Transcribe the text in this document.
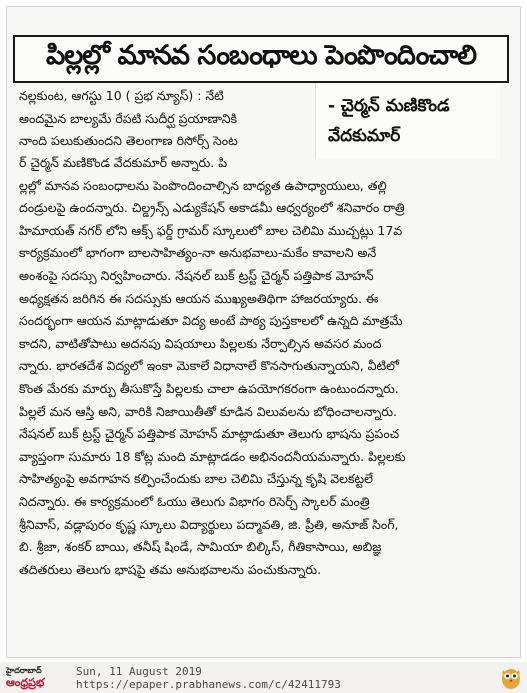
పిల్లల్లో మానవ సంబంధాలు పెంపొందించాలి
నల్లకుంట, ఆగస్టు 10 ( ప్రభ న్యూస్) : నేటి
అందమైన బాల్యమే రేపటి సుదీర్ఘ ప్రయాణానికి
నాంది పలుకుతుందని తెలంగాణ రిసోర్స్ సెంట
- చైర్మన్ మణికొండ
వేదకుమార్
ర్ చైర్మన్ మణికొండ వేదకుమార్ అన్నారు. పి
ల్లల్లో మానవ సంబంధాలను పెంపొందించాల్సిన బాధ్యత ఉపాధ్యాయులు, తల్లి
దండ్రులపై ఉందన్నారు. చిల్డ్రన్స్ ఎడ్యుకేషన్ అకాడమీ ఆధ్వర్యంలో శనివారం రాత్రి
హిమాయత్ నగర్ లోని ఆక్స్ ఫర్డ్ గ్రామర్ స్కూలులో బాల చెలిమి ముచ్చట్లు 17వ
కార్యక్రమంలో భాగంగా బాలసాహిత్యం-నా అనుభవాలు-మకేం కావాలని అనే
అంశంపై సదస్సు నిర్వహించారు. నేషనల్ బుక్ ట్రస్ట్ చైర్మన్ పత్తిపాక మోహన్
అధ్యక్షతన జరిగిన ఈ సదస్సుకు ఆయన ముఖ్యఅతిథిగా హాజరయ్యారు. ఈ
సందర్భంగా ఆయన మాట్లాడుతూ విద్య అంటే పాఠ్య పుస్తకాలలో ఉన్నది మాత్రమే
కాదని, వాటితోపాటు అదనపు విషయాలు పిల్లలకు నేర్పాల్సిన అవసర మంద
న్నారు. భారతదేశ విద్యలో ఇంకా మెకాలే విధానాలే కొనసాగుతున్నాయని, వీటిలో
కొంత మేరకు మార్పు తీసుకొస్తే పిల్లలకు చాలా ఉపయోగకరంగా ఉంటుందన్నారు.
పిల్లలే మన ఆస్తి అని, వారికి నిజాయితీతో కూడిన విలువలను బోధించాలన్నారు.
నేషనల్ బుక్ ట్రస్ట్ చైర్మన్ పత్తిపాక మోహన్ మాట్లాడుతూ తెలుగు భాషను ప్రపంచ
వ్యాప్తంగా సుమారు 18 కోట్ల మంది మాట్లాడడం అభినందనీయమన్నారు. పిల్లలకు
సాహిత్యంపై అవగాహన కల్పించేందుకు బాల చెలిమి చేస్తున్న కృషి వెలకట్టలే
నిదన్నారు. ఈ కార్యక్రమంలో ఓయు తెలుగు విభాగం రిసెర్చ్ స్కాలర్ మంత్రి
శ్రీనివాస్, వడ్లాపురం కృష్ణ స్కూలు విద్యార్థులు పద్మావతి, జి. ప్రీతి, అనూజ్ సింగ్,
బి. శ్రీజా, శంకర్ బాయి, తనీష్ షిండే, సామియా బిల్కిస్, గీతికాసాయి, అబిజ్ఞ
తదితరులు తెలుగు భాషపై తమ అనుభవాలను పంచుకున్నారు.
హైదరాబాద్
ఆంధ్రప్రభ
Sun, 11 August 2019
https://epaper.prabhanews.com/c/42411793
